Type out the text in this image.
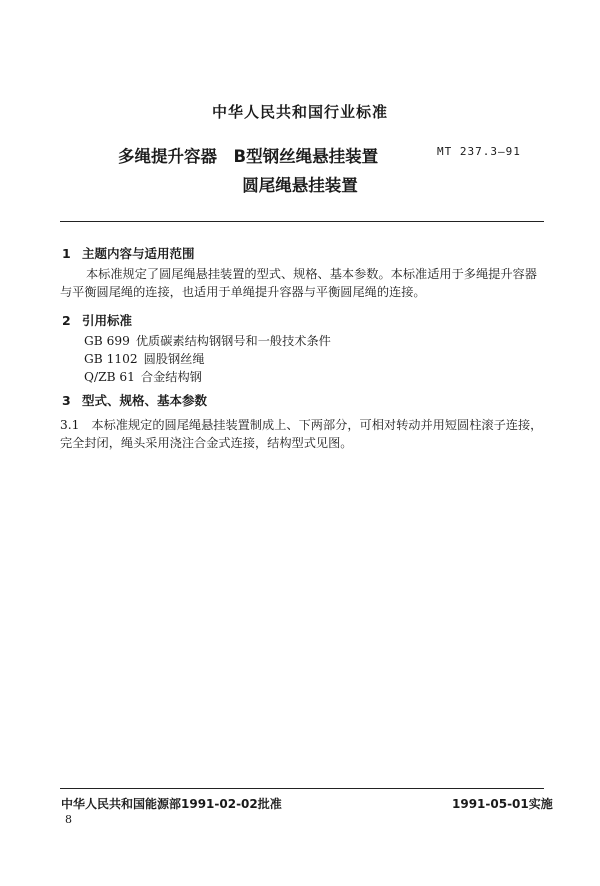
中华人民共和国行业标准
多绳提升容器　B型钢丝绳悬挂装置	MT 237.3—91
圆尾绳悬挂装置
1 主题内容与适用范围
本标准规定了圆尾绳悬挂装置的型式、规格、基本参数。本标准适用于多绳提升容器与平衡圆尾绳的连接，也适用于单绳提升容器与平衡圆尾绳的连接。
2 引用标准
GB 699 优质碳素结构钢钢号和一般技术条件
GB 1102 圆股钢丝绳
Q/ZB 61 合金结构钢
3 型式、规格、基本参数
3.1 本标准规定的圆尾绳悬挂装置制成上、下两部分，可相对转动并用短圆柱滚子连接，完全封闭，绳头采用浇注合金式连接，结构型式见图。
中华人民共和国能源部1991-02-02批准	1991-05-01实施
8
